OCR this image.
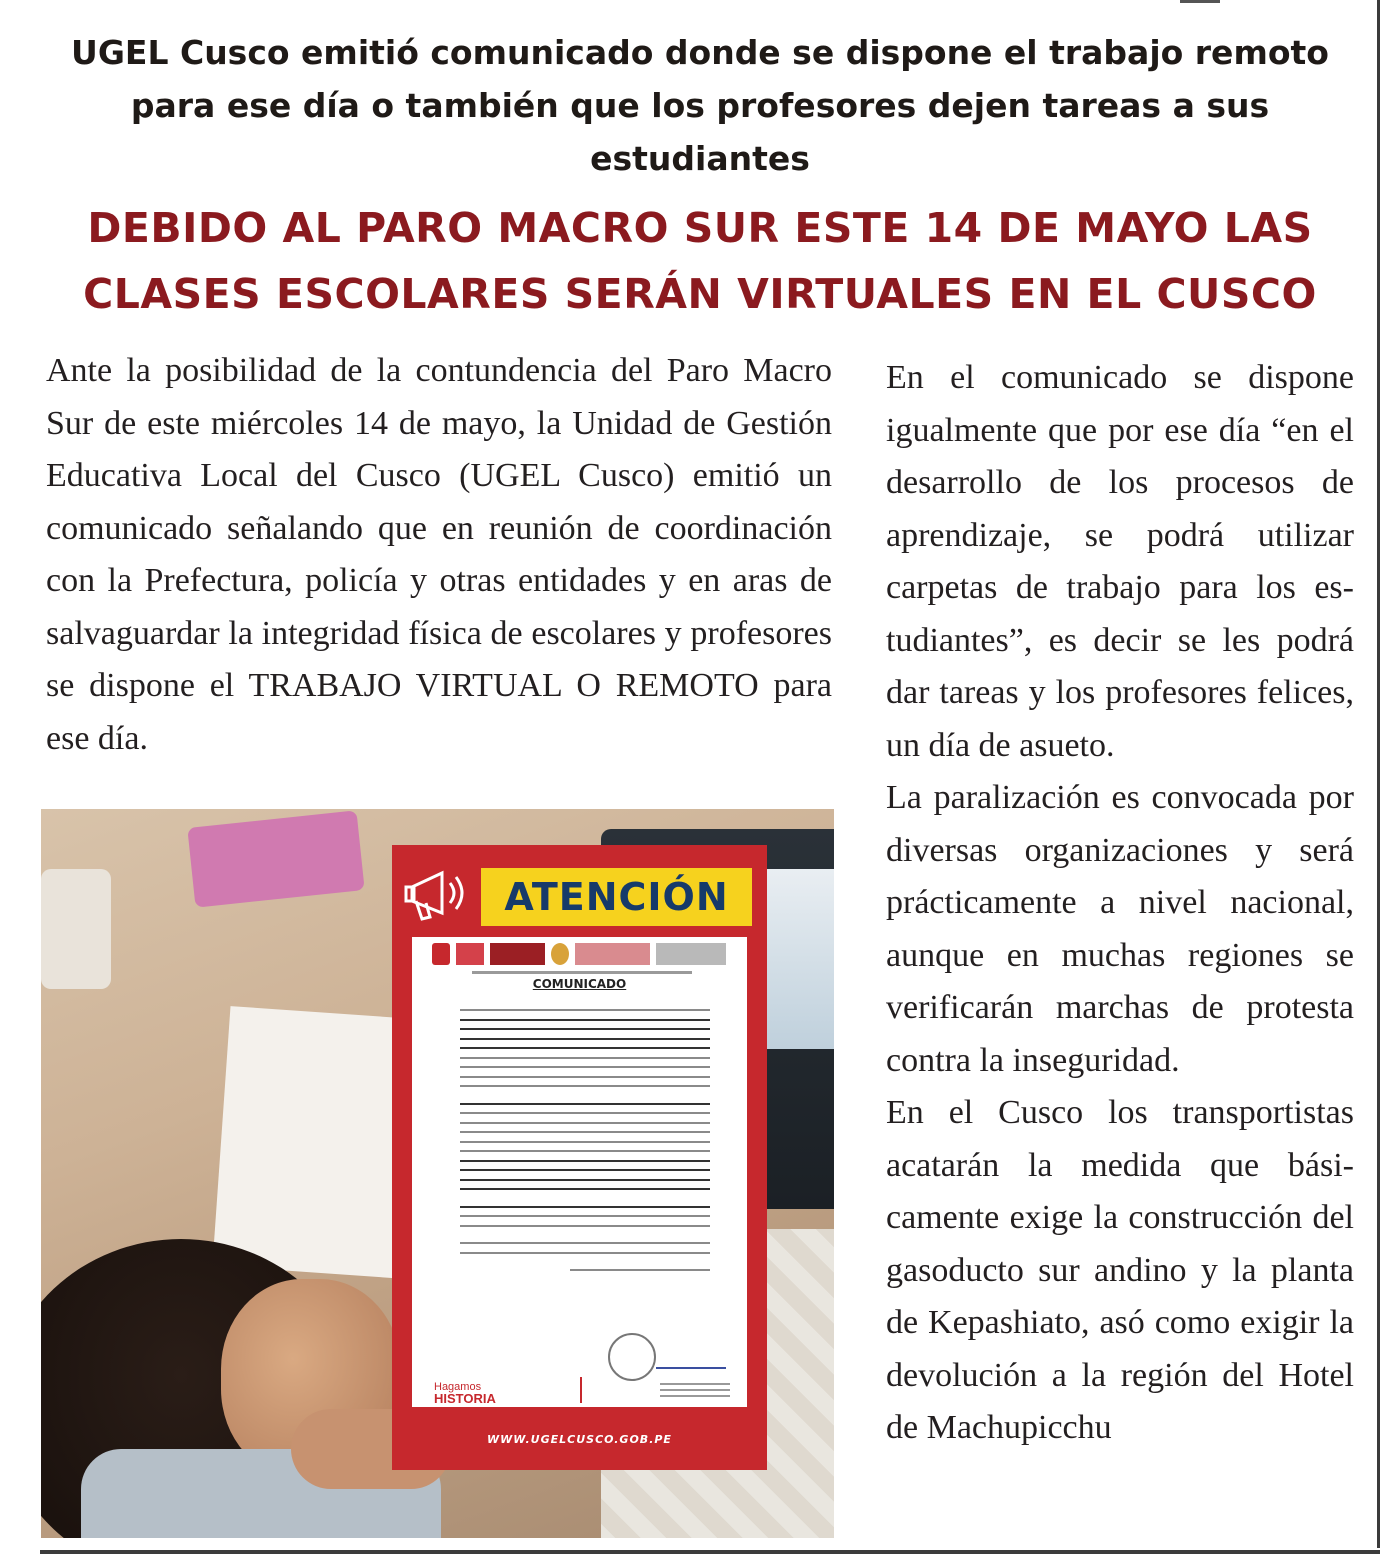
UGEL Cusco emitió comunicado donde se dispone el trabajo remoto para ese día o también que los profesores dejen tareas a sus estudiantes
DEBIDO AL PARO MACRO SUR ESTE 14 DE MAYO LAS CLASES ESCOLARES SERÁN VIRTUALES EN EL CUSCO

Ante la posibilidad de la contundencia del Paro Macro Sur de este miércoles 14 de mayo, la Unidad de Gestión Educativa Local del Cusco (UGEL Cusco) emitió un comunicado señalando que en reunión de coordinación con la Prefectura, policía y otras entidades y en aras de salvaguardar la integridad física de escolares y profesores se dispone el TRABAJO VIRTUAL O REMOTO para ese día.

En el comunicado se dispone igualmente que por ese día “en el desarrollo de los procesos de aprendizaje, se podrá utilizar carpetas de trabajo para los estudiantes”, es decir se les podrá dar tareas y los profesores felices, un día de asueto.

La paralización es convocada por diversas organizaciones y será prácticamente a nivel nacional, aunque en muchas regiones se verificarán marchas de protesta contra la inseguridad.

En el Cusco los transportistas acatarán la medida que básicamente exige la construcción del gasoducto sur andino y la planta de Kepashiato, asó como exigir la devolución a la región del Hotel de Machupicchu

ATENCIÓN
COMUNICADO
Hagamos
HISTORIA
WWW.UGELCUSCO.GOB.PE
